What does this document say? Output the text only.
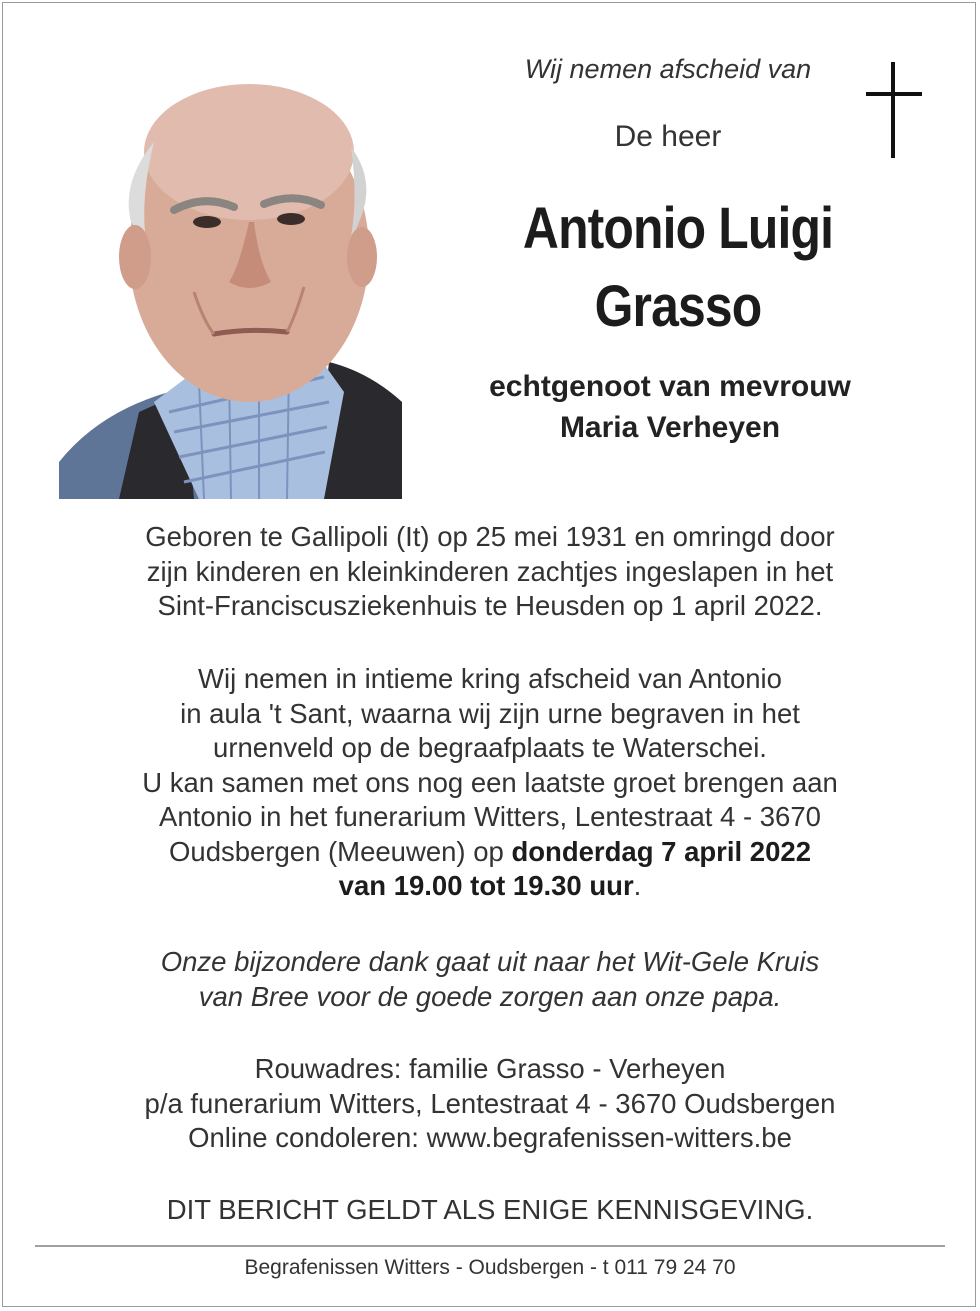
Wij nemen afscheid van
De heer
Antonio Luigi
Grasso
echtgenoot van mevrouw
Maria Verheyen
Geboren te Gallipoli (It) op 25 mei 1931 en omringd door
zijn kinderen en kleinkinderen zachtjes ingeslapen in het
Sint-Franciscusziekenhuis te Heusden op 1 april 2022.
Wij nemen in intieme kring afscheid van Antonio
in aula 't Sant, waarna wij zijn urne begraven in het
urnenveld op de begraafplaats te Waterschei.
U kan samen met ons nog een laatste groet brengen aan
Antonio in het funerarium Witters, Lentestraat 4 - 3670
Oudsbergen (Meeuwen) op donderdag 7 april 2022
van 19.00 tot 19.30 uur.
Onze bijzondere dank gaat uit naar het Wit-Gele Kruis
van Bree voor de goede zorgen aan onze papa.
Rouwadres: familie Grasso - Verheyen
p/a funerarium Witters, Lentestraat 4 - 3670 Oudsbergen
Online condoleren: www.begrafenissen-witters.be
DIT BERICHT GELDT ALS ENIGE KENNISGEVING.
Begrafenissen Witters - Oudsbergen - t 011 79 24 70
